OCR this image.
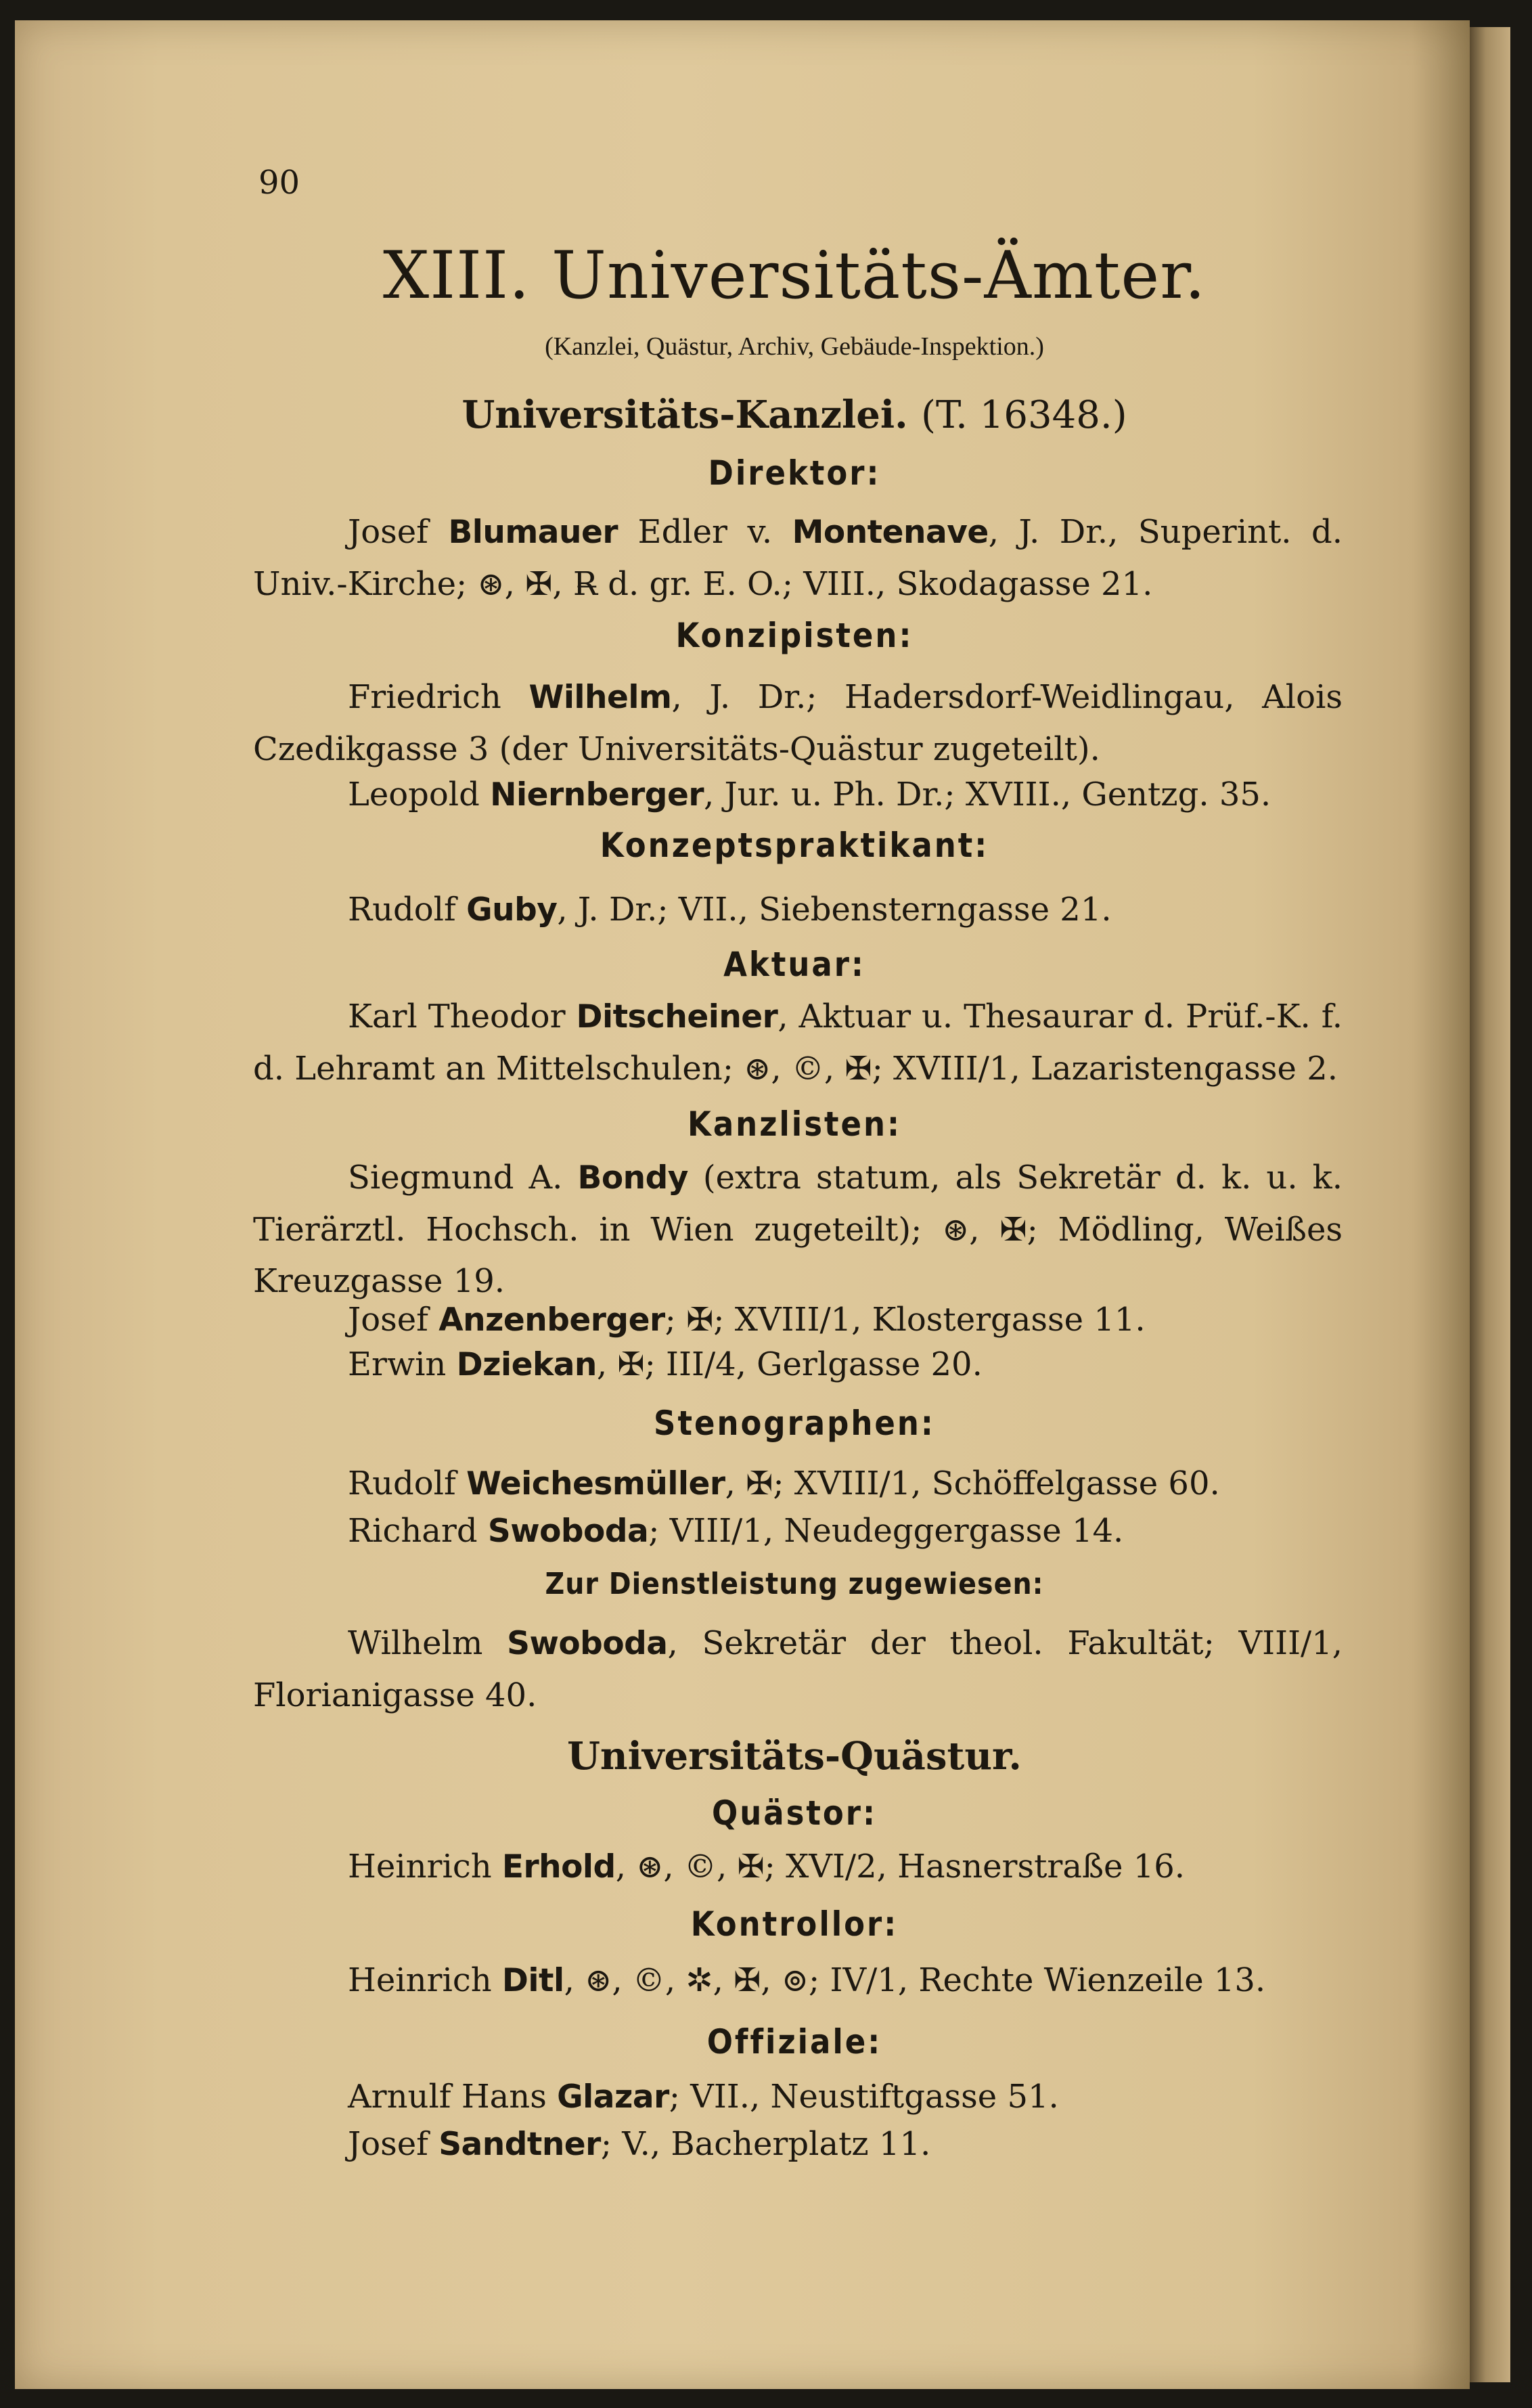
90
XIII. Universitäts-Ämter.
(Kanzlei, Quästur, Archiv, Gebäude-Inspektion.)
Universitäts-Kanzlei. (T. 16348.)
Direktor:
Josef Blumauer Edler v. Montenave, J. Dr., Superint. d. Univ.-Kirche; ⊛, ✠, R̶ d. gr. E. O.; VIII., Skodagasse 21.
Konzipisten:
Friedrich Wilhelm, J. Dr.; Hadersdorf-Weidlingau, Alois Czedikgasse 3 (der Universitäts-Quästur zugeteilt).
Leopold Niernberger, Jur. u. Ph. Dr.; XVIII., Gentzg. 35.
Konzeptspraktikant:
Rudolf Guby, J. Dr.; VII., Siebensterngasse 21.
Aktuar:
Karl Theodor Ditscheiner, Aktuar u. Thesaurar d. Prüf.-K. f. d. Lehramt an Mittelschulen; ⊛, ©, ✠; XVIII/1, Lazaristengasse 2.
Kanzlisten:
Siegmund A. Bondy (extra statum, als Sekretär d. k. u. k. Tierärztl. Hochsch. in Wien zugeteilt); ⊛, ✠; Mödling, Weißes Kreuzgasse 19.
Josef Anzenberger; ✠; XVIII/1, Klostergasse 11.
Erwin Dziekan, ✠; III/4, Gerlgasse 20.
Stenographen:
Rudolf Weichesmüller, ✠; XVIII/1, Schöffelgasse 60.
Richard Swoboda; VIII/1, Neudeggergasse 14.
Zur Dienstleistung zugewiesen:
Wilhelm Swoboda, Sekretär der theol. Fakultät; VIII/1, Florianigasse 40.
Universitäts-Quästur.
Quästor:
Heinrich Erhold, ⊛, ©, ✠; XVI/2, Hasnerstraße 16.
Kontrollor:
Heinrich Ditl, ⊛, ©, ✲, ✠, ⊚; IV/1, Rechte Wienzeile 13.
Offiziale:
Arnulf Hans Glazar; VII., Neustiftgasse 51.
Josef Sandtner; V., Bacherplatz 11.
